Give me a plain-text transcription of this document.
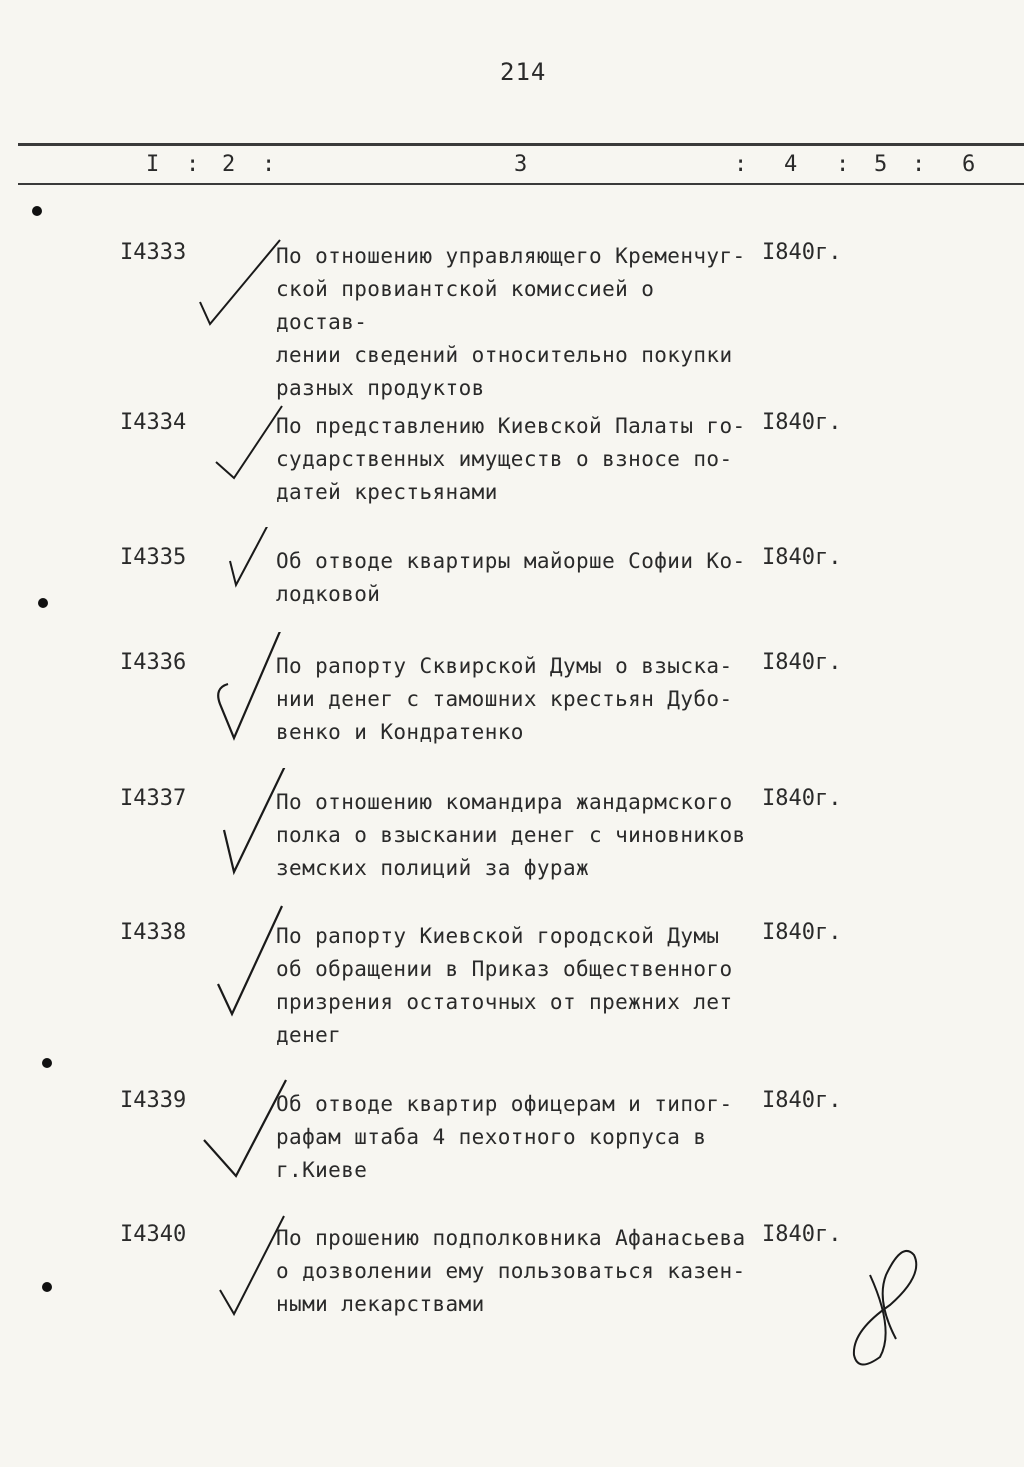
214
I : 2 :	3	: 4 : 5 : 6
I4333	По отношению управляющего Кременчуг-
ской провиантской комиссией о достав-
лении сведений относительно покупки
разных продуктов
I840г.
I4334	По представлению Киевской Палаты го-
сударственных имуществ о взносе по-
датей крестьянами
I840г.
I4335	Об отводе квартиры майорше Софии Ко-
лодковой
I840г.
I4336	По рапорту Сквирской Думы о взыска-
нии денег с тамошних крестьян Дубо-
венко и Кондратенко
I840г.
I4337	По отношению командира жандармского
полка о взыскании денег с чиновников
земских полиций за фураж
I840г.
I4338	По рапорту Киевской городской Думы
об обращении в Приказ общественного
призрения остаточных от прежних лет
денег
I840г.
I4339	Об отводе квартир офицерам и типог-
рафам штаба 4 пехотного корпуса в
г.Киеве
I840г.
I4340	По прошению подполковника Афанасьева
о дозволении ему пользоваться казен-
ными лекарствами
I840г.
